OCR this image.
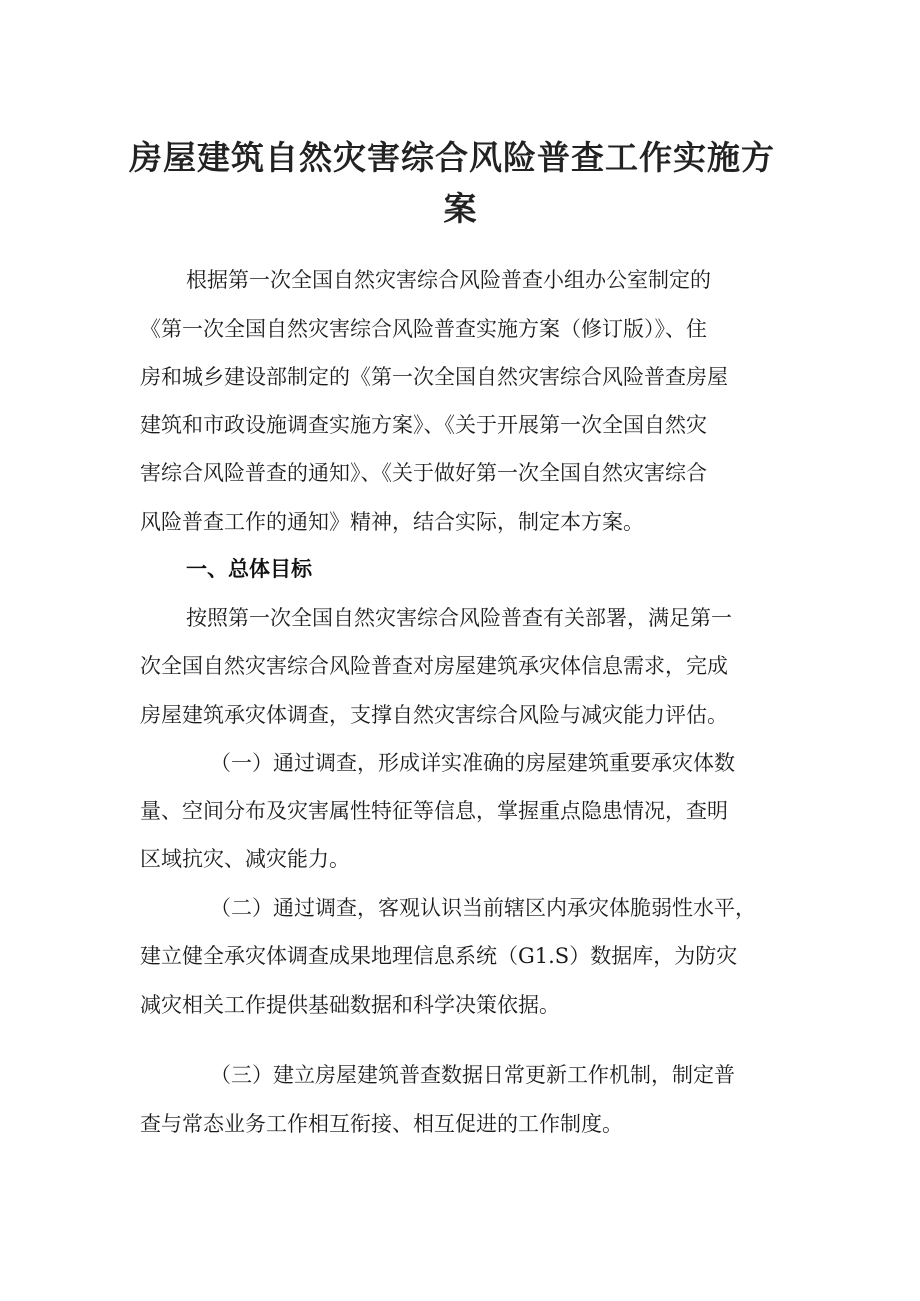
房屋建筑自然灾害综合风险普查工作实施方
案
根据第一次全国自然灾害综合风险普查小组办公室制定的
《第一次全国自然灾害综合风险普查实施方案（修订版）》、住
房和城乡建设部制定的《第一次全国自然灾害综合风险普查房屋
建筑和市政设施调查实施方案》、《关于开展第一次全国自然灾
害综合风险普查的通知》、《关于做好第一次全国自然灾害综合
风险普查工作的通知》精神，结合实际，制定本方案。
一、总体目标
按照第一次全国自然灾害综合风险普查有关部署，满足第一
次全国自然灾害综合风险普查对房屋建筑承灾体信息需求，完成
房屋建筑承灾体调查，支撑自然灾害综合风险与减灾能力评估。
（一）通过调查，形成详实准确的房屋建筑重要承灾体数
量、空间分布及灾害属性特征等信息，掌握重点隐患情况，查明
区域抗灾、减灾能力。
（二）通过调查，客观认识当前辖区内承灾体脆弱性水平，
建立健全承灾体调查成果地理信息系统（G1.S）数据库，为防灾
减灾相关工作提供基础数据和科学决策依据。
（三）建立房屋建筑普查数据日常更新工作机制，制定普
查与常态业务工作相互衔接、相互促进的工作制度。
